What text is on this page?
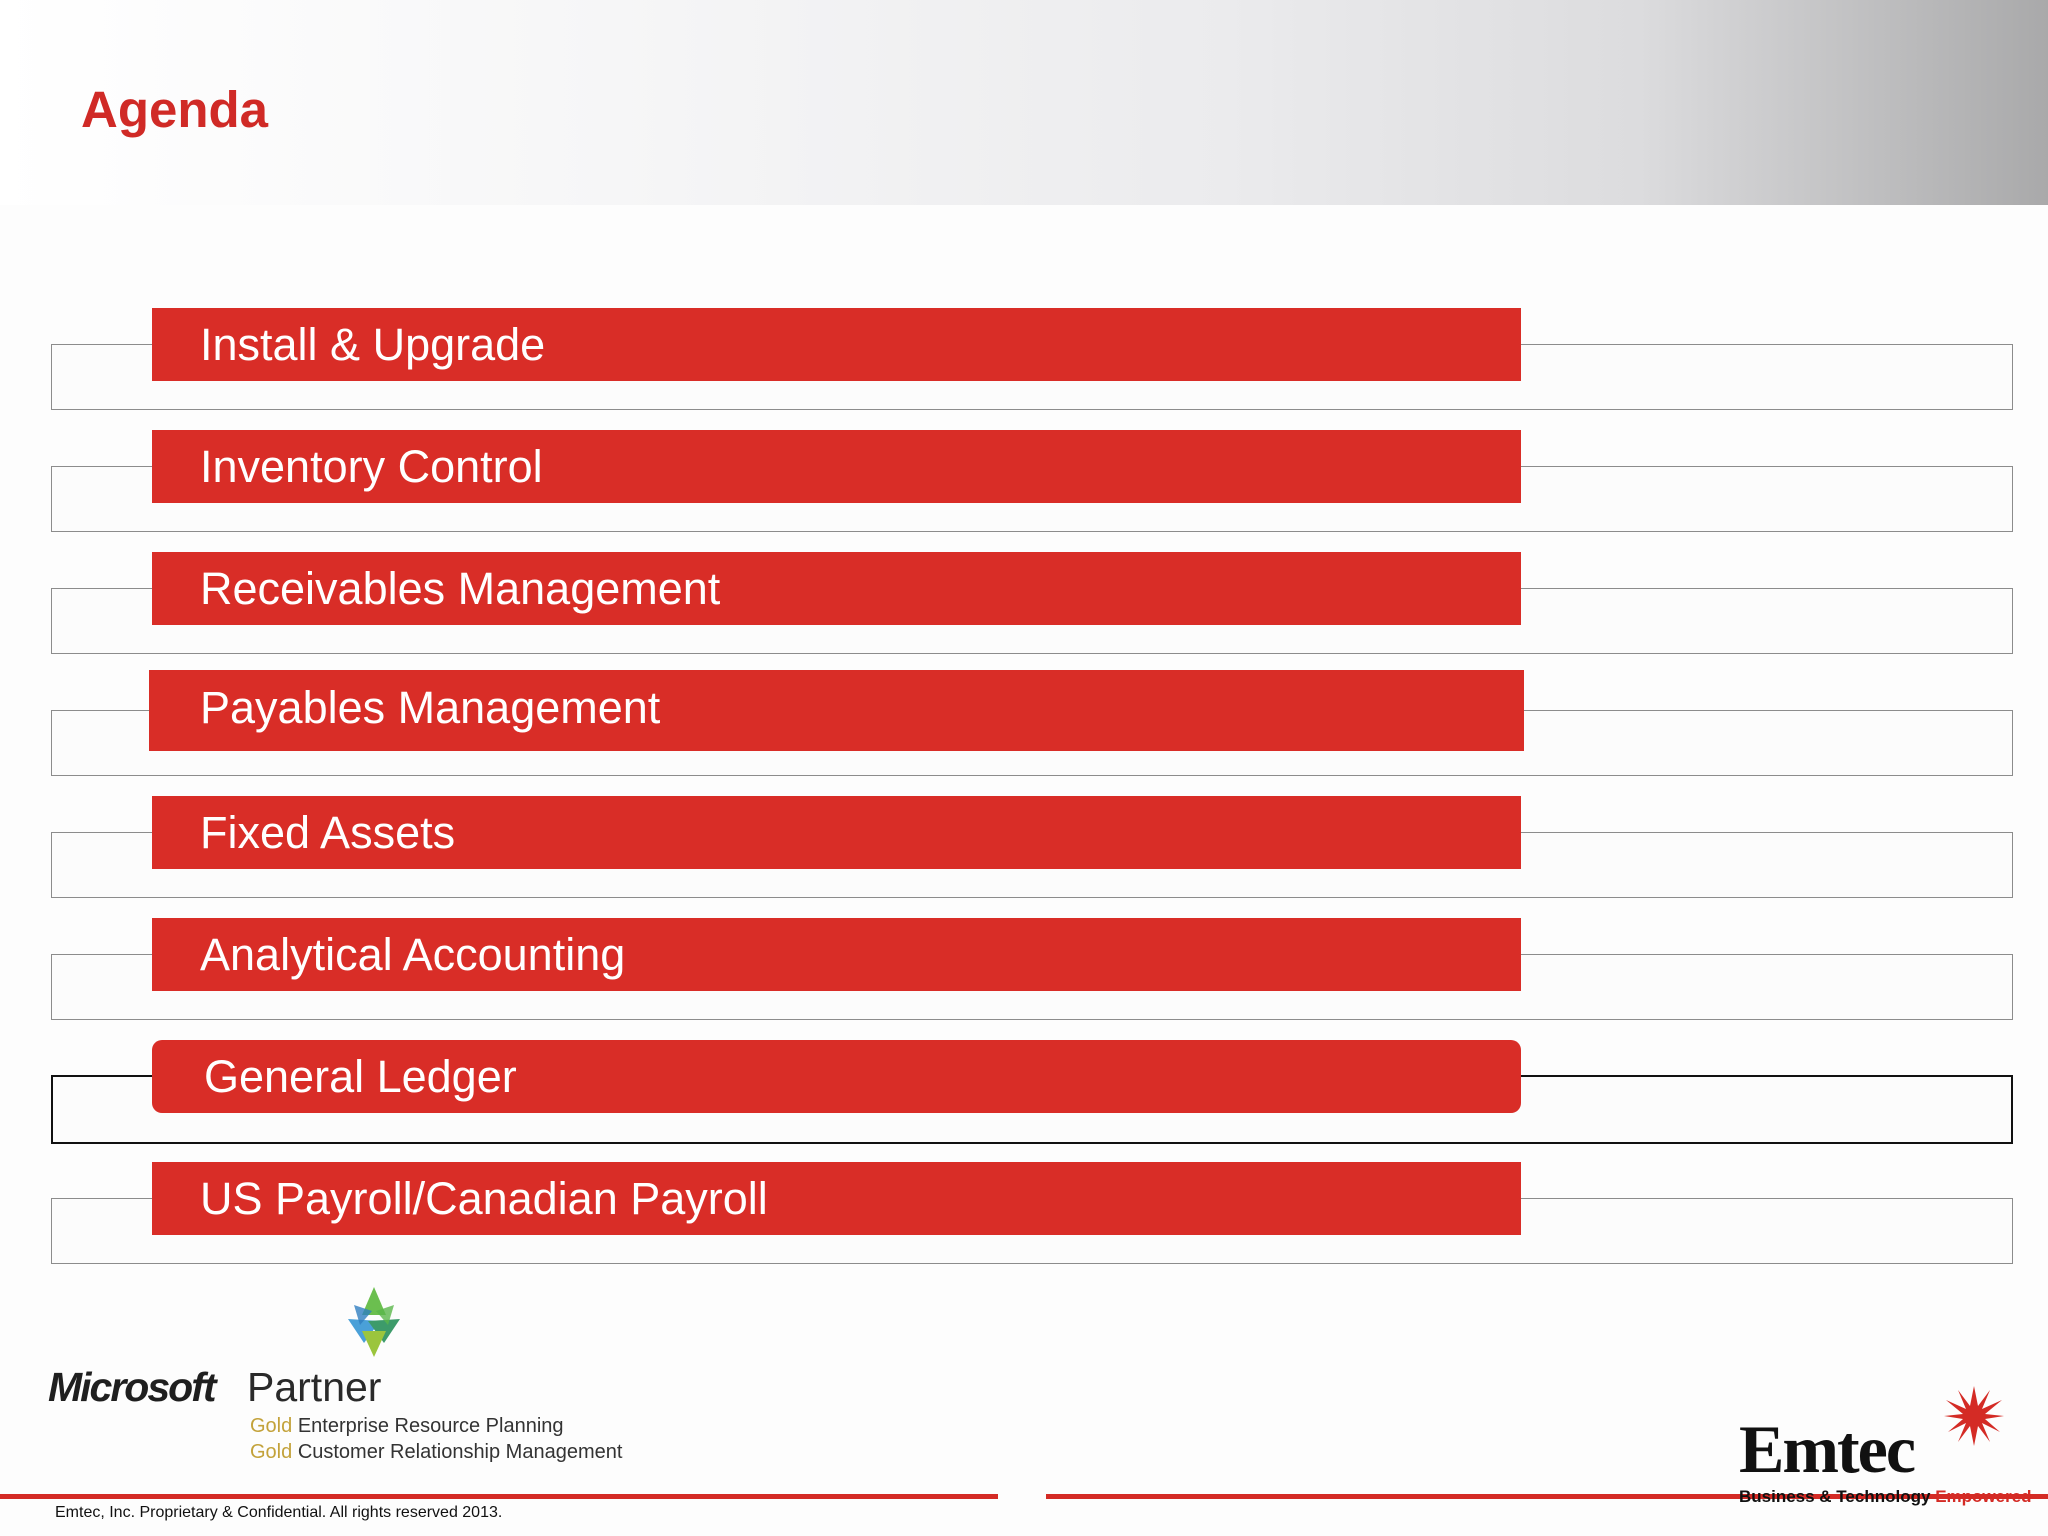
Agenda
Install & Upgrade
Inventory Control
Receivables Management
Payables Management
Fixed Assets
Analytical Accounting
General Ledger
US Payroll/Canadian Payroll
Microsoft Partner
Gold Enterprise Resource Planning
Gold Customer Relationship Management
Emtec, Inc. Proprietary & Confidential. All rights reserved 2013.
Emtec
Business & Technology Empowered
